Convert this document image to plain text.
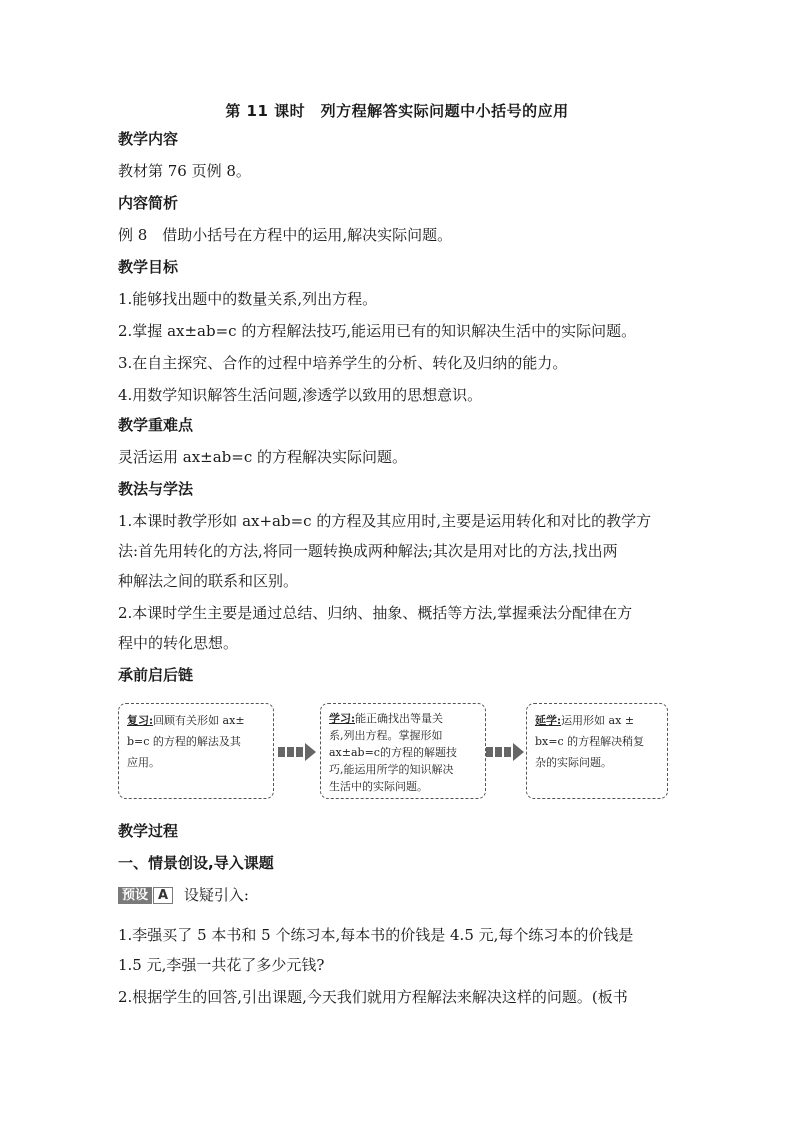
第 11 课时　列方程解答实际问题中小括号的应用
教学内容
教材第 76 页例 8。
内容简析
例 8　借助小括号在方程中的运用,解决实际问题。
教学目标
1.能够找出题中的数量关系,列出方程。
2.掌握 ax±ab=c 的方程解法技巧,能运用已有的知识解决生活中的实际问题。
3.在自主探究、合作的过程中培养学生的分析、转化及归纳的能力。
4.用数学知识解答生活问题,渗透学以致用的思想意识。
教学重难点
灵活运用 ax±ab=c 的方程解决实际问题。
教法与学法
1.本课时教学形如 ax+ab=c 的方程及其应用时,主要是运用转化和对比的教学方
法:首先用转化的方法,将同一题转换成两种解法;其次是用对比的方法,找出两
种解法之间的联系和区别。
2.本课时学生主要是通过总结、归纳、抽象、概括等方法,掌握乘法分配律在方
程中的转化思想。
承前启后链
复习:回顾有关形如 ax±
b=c 的方程的解法及其
应用。
学习:能正确找出等量关
系,列出方程。掌握形如
ax±ab=c的方程的解题技
巧,能运用所学的知识解决
生活中的实际问题。
延学:运用形如 ax ±
bx=c 的方程解决稍复
杂的实际问题。
教学过程
一、情景创设,导入课题
预设 A 设疑引入:
1.李强买了 5 本书和 5 个练习本,每本书的价钱是 4.5 元,每个练习本的价钱是
1.5 元,李强一共花了多少元钱?
2.根据学生的回答,引出课题,今天我们就用方程解法来解决这样的问题。(板书
